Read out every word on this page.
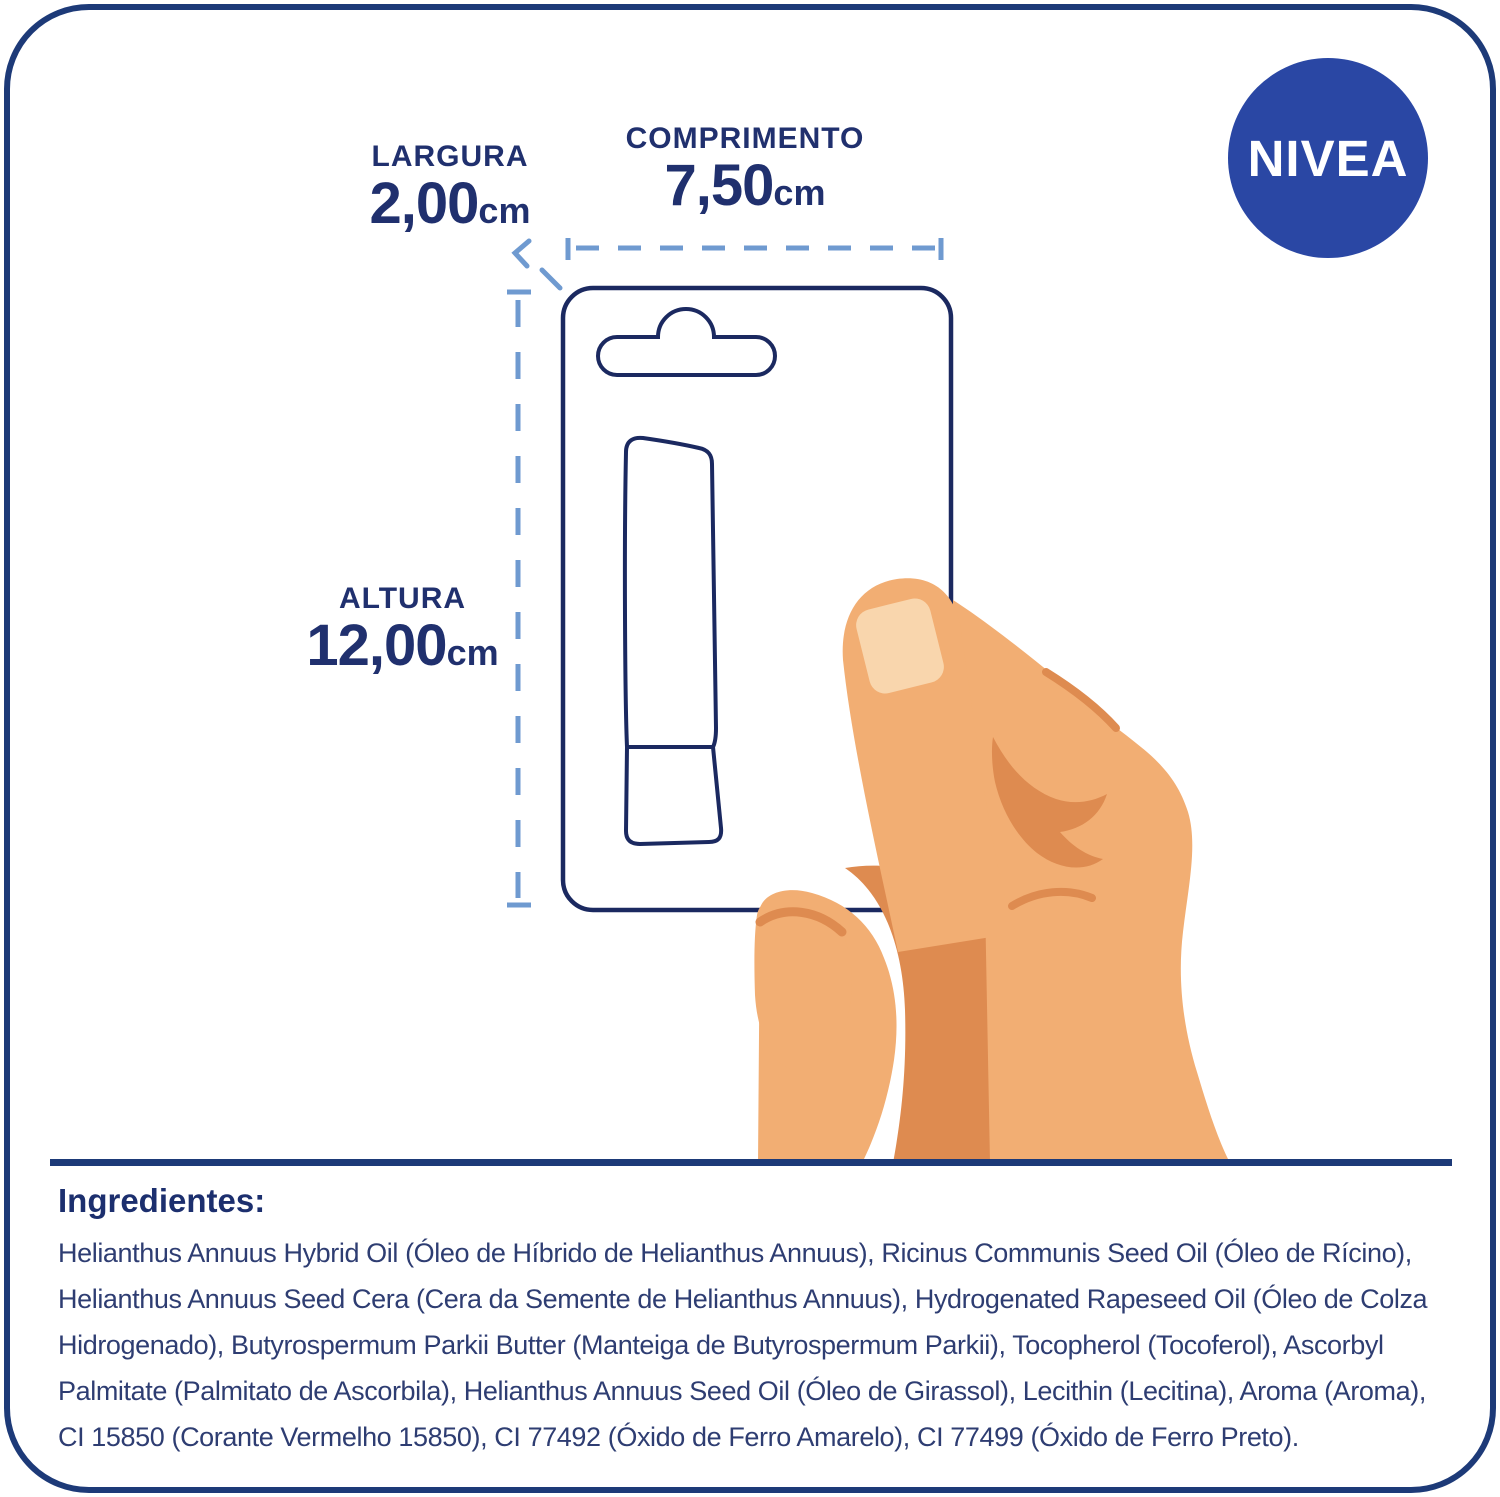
NIVEA
LARGURA
2,00cm
COMPRIMENTO
7,50cm
ALTURA
12,00cm
Ingredientes:

Helianthus Annuus Hybrid Oil (Óleo de Híbrido de Helianthus Annuus), Ricinus Communis Seed Oil (Óleo de Rícino), Helianthus Annuus Seed Cera (Cera da Semente de Helianthus Annuus), Hydrogenated Rapeseed Oil (Óleo de Colza Hidrogenado), Butyrospermum Parkii Butter (Manteiga de Butyrospermum Parkii), Tocopherol (Tocoferol), Ascorbyl Palmitate (Palmitato de Ascorbila), Helianthus Annuus Seed Oil (Óleo de Girassol), Lecithin (Lecitina), Aroma (Aroma), CI 15850 (Corante Vermelho 15850), CI 77492 (Óxido de Ferro Amarelo), CI 77499 (Óxido de Ferro Preto).
